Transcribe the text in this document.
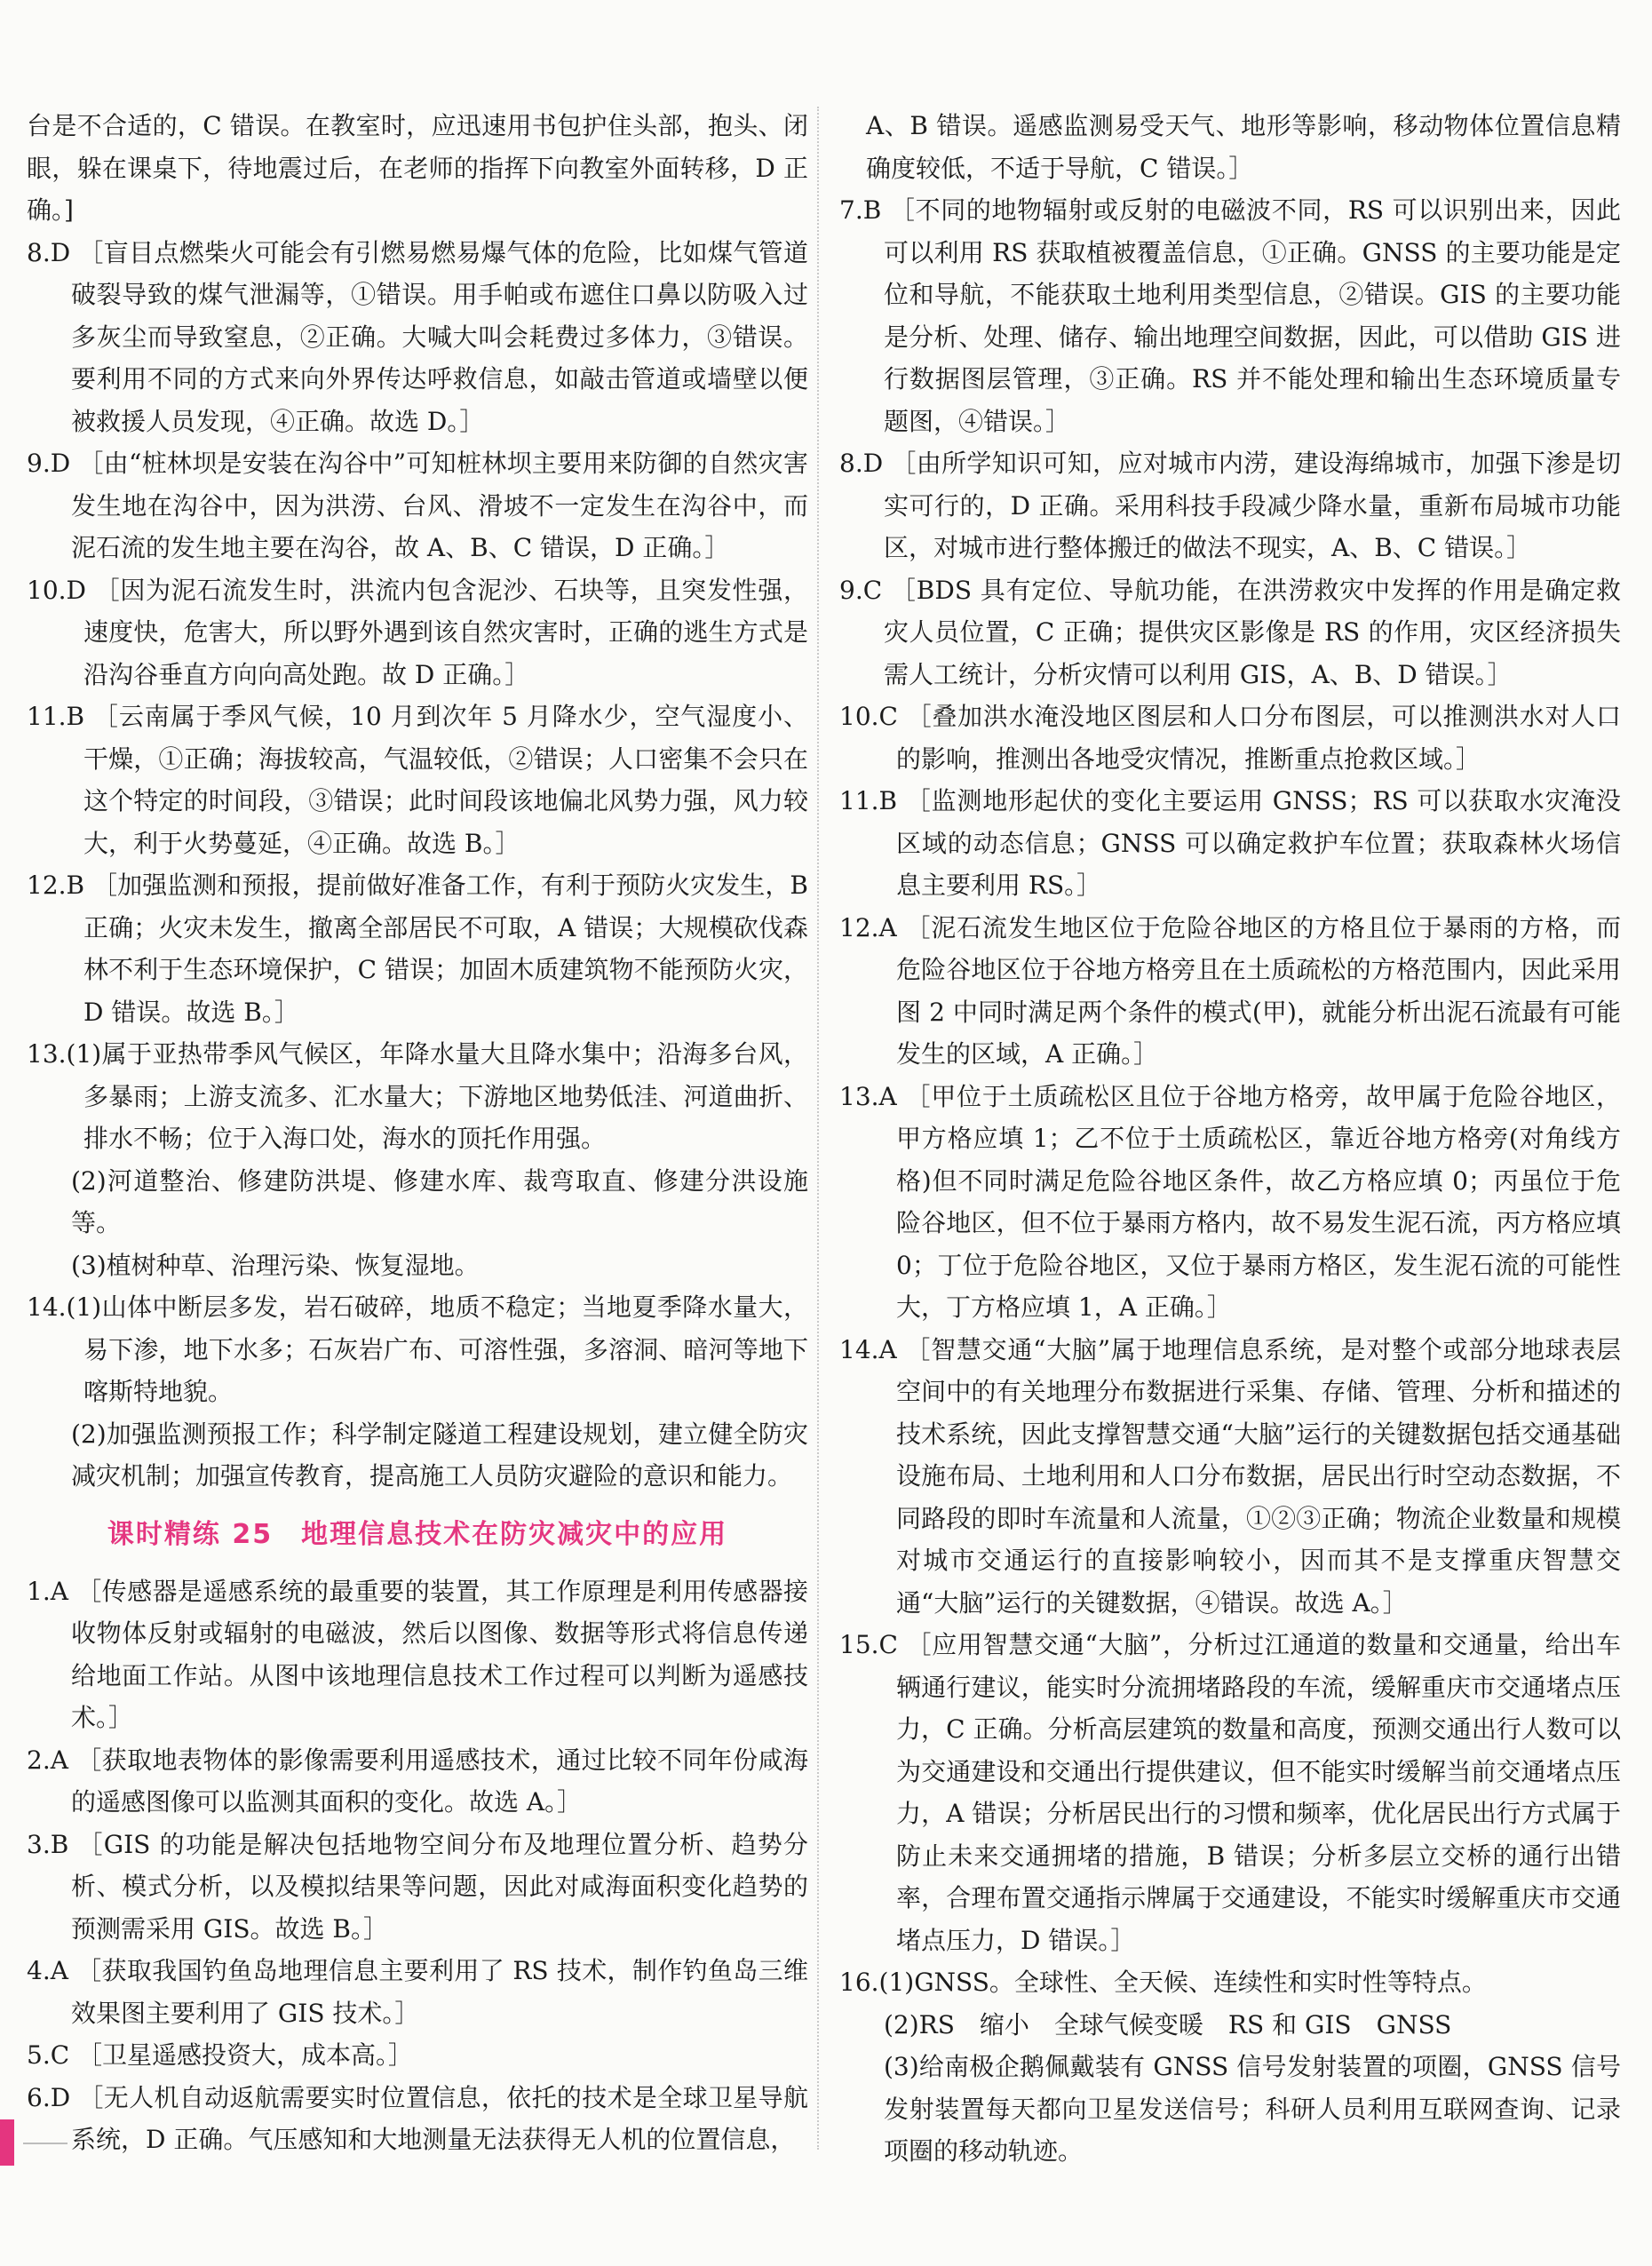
台是不合适的，C 错误。在教室时，应迅速用书包护住头部，抱头、闭眼，躲在课桌下，待地震过后，在老师的指挥下向教室外面转移，D 正确。]

8.D ［盲目点燃柴火可能会有引燃易燃易爆气体的危险，比如煤气管道破裂导致的煤气泄漏等，①错误。用手帕或布遮住口鼻以防吸入过多灰尘而导致窒息，②正确。大喊大叫会耗费过多体力，③错误。要利用不同的方式来向外界传达呼救信息，如敲击管道或墙壁以便被救援人员发现，④正确。故选 D。］

9.D ［由“桩林坝是安装在沟谷中”可知桩林坝主要用来防御的自然灾害发生地在沟谷中，因为洪涝、台风、滑坡不一定发生在沟谷中，而泥石流的发生地主要在沟谷，故 A、B、C 错误，D 正确。］

10.D ［因为泥石流发生时，洪流内包含泥沙、石块等，且突发性强，速度快，危害大，所以野外遇到该自然灾害时，正确的逃生方式是沿沟谷垂直方向向高处跑。故 D 正确。］

11.B ［云南属于季风气候，10 月到次年 5 月降水少，空气湿度小、干燥，①正确；海拔较高，气温较低，②错误；人口密集不会只在这个特定的时间段，③错误；此时间段该地偏北风势力强，风力较大，利于火势蔓延，④正确。故选 B。］

12.B ［加强监测和预报，提前做好准备工作，有利于预防火灾发生，B 正确；火灾未发生，撤离全部居民不可取，A 错误；大规模砍伐森林不利于生态环境保护，C 错误；加固木质建筑物不能预防火灾，D 错误。故选 B。］

13.(1)属于亚热带季风气候区，年降水量大且降水集中；沿海多台风，多暴雨；上游支流多、汇水量大；下游地区地势低洼、河道曲折、排水不畅；位于入海口处，海水的顶托作用强。

(2)河道整治、修建防洪堤、修建水库、裁弯取直、修建分洪设施等。

(3)植树种草、治理污染、恢复湿地。

14.(1)山体中断层多发，岩石破碎，地质不稳定；当地夏季降水量大，易下渗，地下水多；石灰岩广布、可溶性强，多溶洞、暗河等地下喀斯特地貌。

(2)加强监测预报工作；科学制定隧道工程建设规划，建立健全防灾减灾机制；加强宣传教育，提高施工人员防灾避险的意识和能力。

课时精练 25　地理信息技术在防灾减灾中的应用

1.A ［传感器是遥感系统的最重要的装置，其工作原理是利用传感器接收物体反射或辐射的电磁波，然后以图像、数据等形式将信息传递给地面工作站。从图中该地理信息技术工作过程可以判断为遥感技术。］

2.A ［获取地表物体的影像需要利用遥感技术，通过比较不同年份咸海的遥感图像可以监测其面积的变化。故选 A。］

3.B ［GIS 的功能是解决包括地物空间分布及地理位置分析、趋势分析、模式分析，以及模拟结果等问题，因此对咸海面积变化趋势的预测需采用 GIS。故选 B。］

4.A ［获取我国钓鱼岛地理信息主要利用了 RS 技术，制作钓鱼岛三维效果图主要利用了 GIS 技术。］

5.C ［卫星遥感投资大，成本高。］

6.D ［无人机自动返航需要实时位置信息，依托的技术是全球卫星导航系统，D 正确。气压感知和大地测量无法获得无人机的位置信息，

A、B 错误。遥感监测易受天气、地形等影响，移动物体位置信息精确度较低，不适于导航，C 错误。］

7.B ［不同的地物辐射或反射的电磁波不同，RS 可以识别出来，因此可以利用 RS 获取植被覆盖信息，①正确。GNSS 的主要功能是定位和导航，不能获取土地利用类型信息，②错误。GIS 的主要功能是分析、处理、储存、输出地理空间数据，因此，可以借助 GIS 进行数据图层管理，③正确。RS 并不能处理和输出生态环境质量专题图，④错误。］

8.D ［由所学知识可知，应对城市内涝，建设海绵城市，加强下渗是切实可行的，D 正确。采用科技手段减少降水量，重新布局城市功能区，对城市进行整体搬迁的做法不现实，A、B、C 错误。］

9.C ［BDS 具有定位、导航功能，在洪涝救灾中发挥的作用是确定救灾人员位置，C 正确；提供灾区影像是 RS 的作用，灾区经济损失需人工统计，分析灾情可以利用 GIS，A、B、D 错误。］

10.C ［叠加洪水淹没地区图层和人口分布图层，可以推测洪水对人口的影响，推测出各地受灾情况，推断重点抢救区域。］

11.B ［监测地形起伏的变化主要运用 GNSS；RS 可以获取水灾淹没区域的动态信息；GNSS 可以确定救护车位置；获取森林火场信息主要利用 RS。］

12.A ［泥石流发生地区位于危险谷地区的方格且位于暴雨的方格，而危险谷地区位于谷地方格旁且在土质疏松的方格范围内，因此采用图 2 中同时满足两个条件的模式(甲)，就能分析出泥石流最有可能发生的区域，A 正确。］

13.A ［甲位于土质疏松区且位于谷地方格旁，故甲属于危险谷地区，甲方格应填 1；乙不位于土质疏松区，靠近谷地方格旁(对角线方格)但不同时满足危险谷地区条件，故乙方格应填 0；丙虽位于危险谷地区，但不位于暴雨方格内，故不易发生泥石流，丙方格应填 0；丁位于危险谷地区，又位于暴雨方格区，发生泥石流的可能性大，丁方格应填 1，A 正确。］

14.A ［智慧交通“大脑”属于地理信息系统，是对整个或部分地球表层空间中的有关地理分布数据进行采集、存储、管理、分析和描述的技术系统，因此支撑智慧交通“大脑”运行的关键数据包括交通基础设施布局、土地利用和人口分布数据，居民出行时空动态数据，不同路段的即时车流量和人流量，①②③正确；物流企业数量和规模对城市交通运行的直接影响较小，因而其不是支撑重庆智慧交通“大脑”运行的关键数据，④错误。故选 A。］

15.C ［应用智慧交通“大脑”，分析过江通道的数量和交通量，给出车辆通行建议，能实时分流拥堵路段的车流，缓解重庆市交通堵点压力，C 正确。分析高层建筑的数量和高度，预测交通出行人数可以为交通建设和交通出行提供建议，但不能实时缓解当前交通堵点压力，A 错误；分析居民出行的习惯和频率，优化居民出行方式属于防止未来交通拥堵的措施，B 错误；分析多层立交桥的通行出错率，合理布置交通指示牌属于交通建设，不能实时缓解重庆市交通堵点压力，D 错误。］

16.(1)GNSS。全球性、全天候、连续性和实时性等特点。

(2)RS　缩小　全球气候变暖　RS 和 GIS　GNSS

(3)给南极企鹅佩戴装有 GNSS 信号发射装置的项圈，GNSS 信号发射装置每天都向卫星发送信号；科研人员利用互联网查询、记录项圈的移动轨迹。
